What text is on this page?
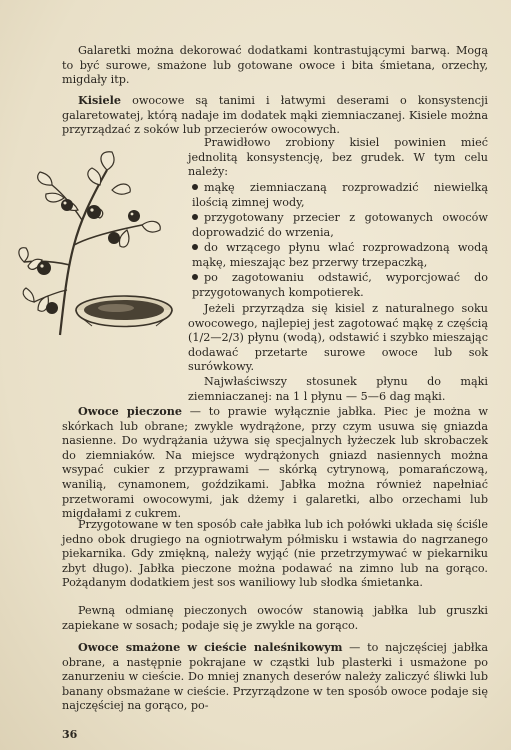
Galaretki można dekorować dodatkami kontrastującymi barwą. Mogą to być surowe, smażone lub gotowane owoce i bita śmietana, orzechy, migdały itp.

Kisiele owocowe są tanimi i łatwymi deserami o konsystencji galaretowatej, którą nadaje im dodatek mąki ziemniaczanej. Kisiele można przyrządzać z soków lub przecierów owocowych.

Prawidłowo zrobiony kisiel powinien mieć jednolitą konsystencję, bez grudek. W tym celu należy:

mąkę ziemniaczaną rozprowadzić niewielką ilością zimnej wody,

przygotowany przecier z gotowanych owoców doprowadzić do wrzenia,

do wrzącego płynu wlać rozprowadzoną wodą mąkę, mieszając bez przerwy trzepaczką,

po zagotowaniu odstawić, wyporcjować do przygotowanych kompotierek.

Jeżeli przyrządza się kisiel z naturalnego soku owocowego, najlepiej jest zagotować mąkę z częścią (1/2—2/3) płynu (wodą), odstawić i szybko mieszając dodawać przetarte surowe owoce lub sok surówkowy.

Najwłaściwszy stosunek płynu do mąki ziemniaczanej: na 1 l płynu — 5—6 dag mąki.

Owoce pieczone — to prawie wyłącznie jabłka. Piec je można w skórkach lub obrane; zwykle wydrążone, przy czym usuwa się gniazda nasienne. Do wydrążania używa się specjalnych łyżeczek lub skrobaczek do ziemniaków. Na miejsce wydrążonych gniazd nasiennych można wsypać cukier z przyprawami — skórką cytrynową, pomarańczową, wanilią, cynamonem, goździkami. Jabłka można również napełniać przetworami owocowymi, jak dżemy i galaretki, albo orzechami lub migdałami z cukrem.

Przygotowane w ten sposób całe jabłka lub ich połówki układa się ściśle jedno obok drugiego na ogniotrwałym półmisku i wstawia do nagrzanego piekarnika. Gdy zmiękną, należy wyjąć (nie przetrzymywać w piekarniku zbyt długo). Jabłka pieczone można podawać na zimno lub na gorąco. Pożądanym dodatkiem jest sos waniliowy lub słodka śmietanka.

Pewną odmianę pieczonych owoców stanowią jabłka lub gruszki zapiekane w sosach; podaje się je zwykle na gorąco.

Owoce smażone w cieście naleśnikowym — to najczęściej jabłka obrane, a następnie pokrajane w cząstki lub plasterki i usmażone po zanurzeniu w cieście. Do mniej znanych deserów należy zaliczyć śliwki lub banany obsmażane w cieście. Przyrządzone w ten sposób owoce podaje się najczęściej na gorąco, po-

36
